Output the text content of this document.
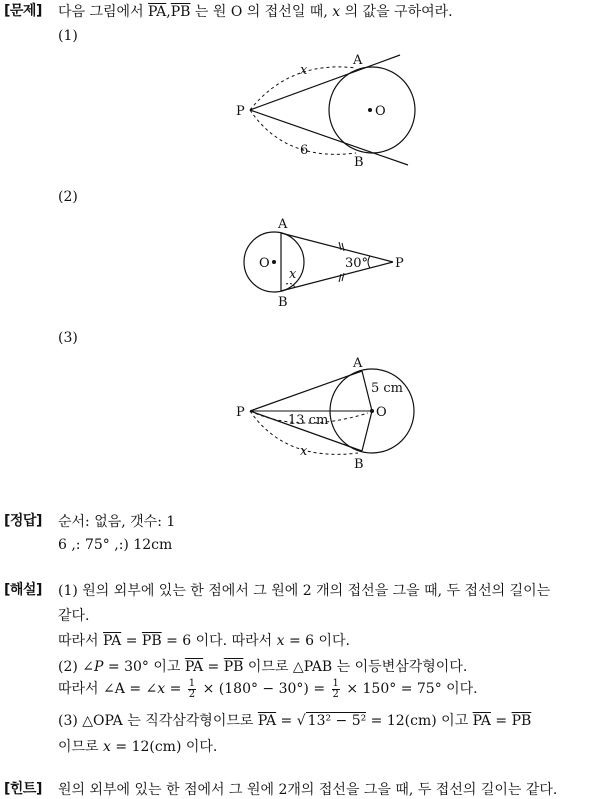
[문제] 다음 그림에서 $\overline{PA},\overline{PB}$ 는 원 O 의 접선일 때, x 의 값을 구하여라.
(1)
P
A
B
O
x
6
(2)
A
B
O	P
x
30°
(3)
P
A
B
O
5 cm
13 cm
x
[정답] 순서: 없음, 갯수: 1
6 ,: 75° ,:) 12cm
[해설] (1) 원의 외부에 있는 한 점에서 그 원에 2 개의 접선을 그을 때, 두 접선의 길이는
같다.
따라서 $\overline{PA} = \overline{PB} = 6$ 이다. 따라서 x = 6 이다.
(2) ∠P = 30° 이고 $\overline{PA} = \overline{PB}$ 이므로 △PAB 는 이등변삼각형이다.
따라서 ∠A = ∠x = $\frac{1}{2} \times (180^\circ - 30^\circ) = \frac{1}{2} \times 150^\circ = 75^\circ$ 이다.
(3) △OPA 는 직각삼각형이므로 $\overline{PA}$ = √ 13² − 5² = 12(cm) 이고 $\overline{PA} = \overline{PB}$
이므로 x = 12(cm) 이다.
[힌트] 원의 외부에 있는 한 점에서 그 원에 2개의 접선을 그을 때, 두 접선의 길이는 같다.
